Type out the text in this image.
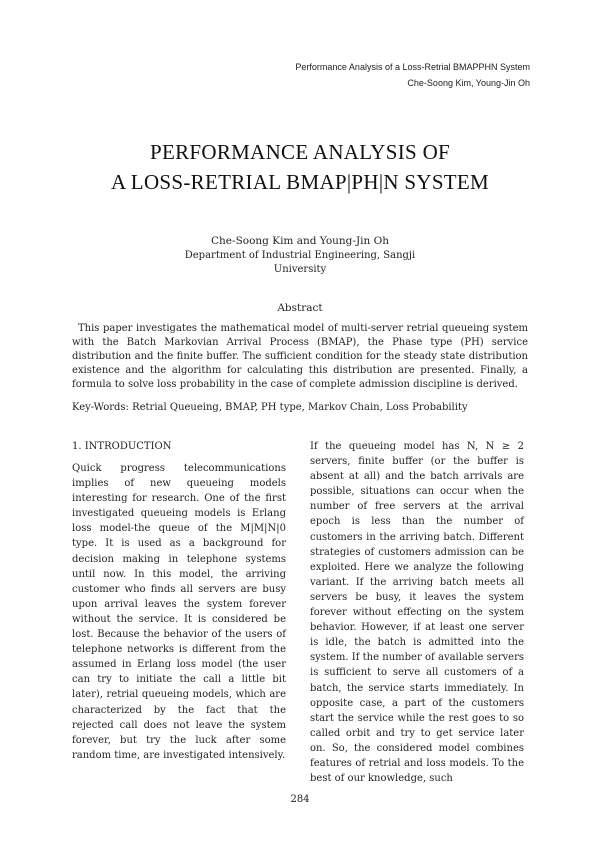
Performance Analysis of a Loss-Retrial BMAPPHN System
Che-Soong Kim, Young-Jin Oh
PERFORMANCE ANALYSIS OF
A LOSS-RETRIAL BMAP|PH|N SYSTEM
Che-Soong Kim and Young-Jin Oh
Department of Industrial Engineering, Sangji
University
Abstract
This paper investigates the mathematical model of multi-server retrial queueing system with the Batch Markovian Arrival Process (BMAP), the Phase type (PH) service distribution and the finite buffer. The sufficient condition for the steady state distribution existence and the algorithm for calculating this distribution are presented. Finally, a formula to solve loss probability in the case of complete admission discipline is derived.
Key-Words: Retrial Queueing, BMAP, PH type, Markov Chain, Loss Probability
1. INTRODUCTION
Quick progress telecommunications implies of new queueing models interesting for research. One of the first investigated queueing models is Erlang loss model-the queue of the M|M|N|0 type. It is used as a background for decision making in telephone systems until now. In this model, the arriving customer who finds all servers are busy upon arrival leaves the system forever without the service. It is considered be lost. Because the behavior of the users of telephone networks is different from the assumed in Erlang loss model (the user can try to initiate the call a little bit later), retrial queueing models, which are characterized by the fact that the rejected call does not leave the system forever, but try the luck after some random time, are investigated intensively.
If the queueing model has N, N ≥ 2 servers, finite buffer (or the buffer is absent at all) and the batch arrivals are possible, situations can occur when the number of free servers at the arrival epoch is less than the number of customers in the arriving batch. Different strategies of customers admission can be exploited. Here we analyze the following variant. If the arriving batch meets all servers be busy, it leaves the system forever without effecting on the system behavior. However, if at least one server is idle, the batch is admitted into the system. If the number of available servers is sufficient to serve all customers of a batch, the service starts immediately. In opposite case, a part of the customers start the service while the rest goes to so called orbit and try to get service later on. So, the considered model combines features of retrial and loss models. To the best of our knowledge, such
284
